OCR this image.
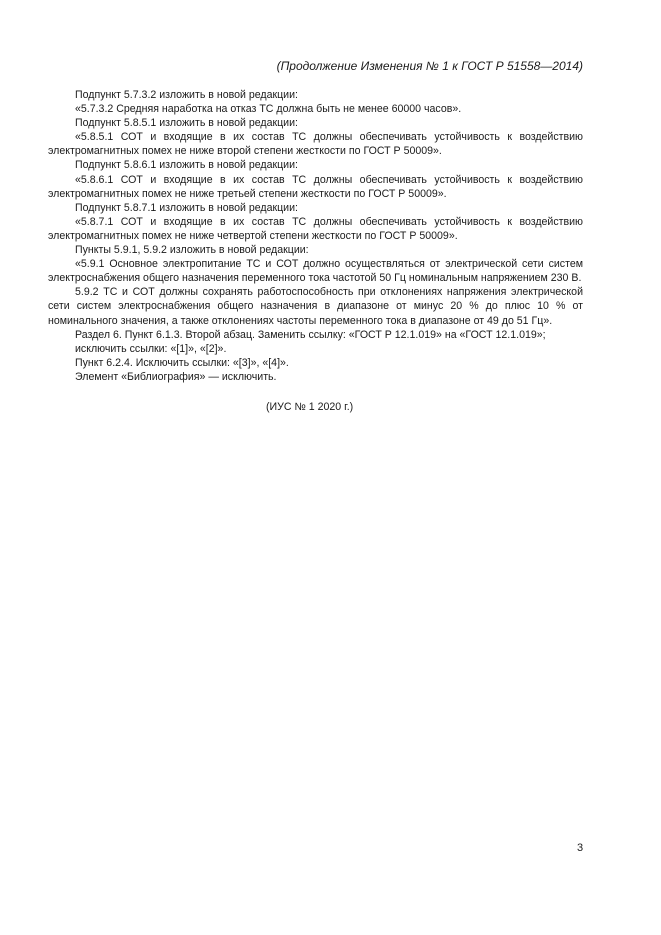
(Продолжение Изменения № 1 к ГОСТ Р 51558—2014)

Подпункт 5.7.3.2 изложить в новой редакции:

«5.7.3.2 Средняя наработка на отказ ТС должна быть не менее 60000 часов».

Подпункт 5.8.5.1 изложить в новой редакции:

«5.8.5.1 СОТ и входящие в их состав ТС должны обеспечивать устойчивость к воздействию электромагнитных помех не ниже второй степени жесткости по ГОСТ Р 50009».

Подпункт 5.8.6.1 изложить в новой редакции:

«5.8.6.1 СОТ и входящие в их состав ТС должны обеспечивать устойчивость к воздействию электромагнитных помех не ниже третьей степени жесткости по ГОСТ Р 50009».

Подпункт 5.8.7.1 изложить в новой редакции:

«5.8.7.1 СОТ и входящие в их состав ТС должны обеспечивать устойчивость к воздействию электромагнитных помех не ниже четвертой степени жесткости по ГОСТ Р 50009».

Пункты 5.9.1, 5.9.2 изложить в новой редакции:

«5.9.1 Основное электропитание ТС и СОТ должно осуществляться от электрической сети систем электроснабжения общего назначения переменного тока частотой 50 Гц номинальным напряжением 230 В.

5.9.2 ТС и СОТ должны сохранять работоспособность при отклонениях напряжения электрической сети систем электроснабжения общего назначения в диапазоне от минус 20 % до плюс 10 % от номинального значения, а также отклонениях частоты переменного тока в диапазоне от 49 до 51 Гц».

Раздел 6. Пункт 6.1.3. Второй абзац. Заменить ссылку: «ГОСТ Р 12.1.019» на «ГОСТ 12.1.019»;

исключить ссылки: «[1]», «[2]».

Пункт 6.2.4. Исключить ссылки: «[3]», «[4]».

Элемент «Библиография» — исключить.

(ИУС № 1 2020 г.)
3
